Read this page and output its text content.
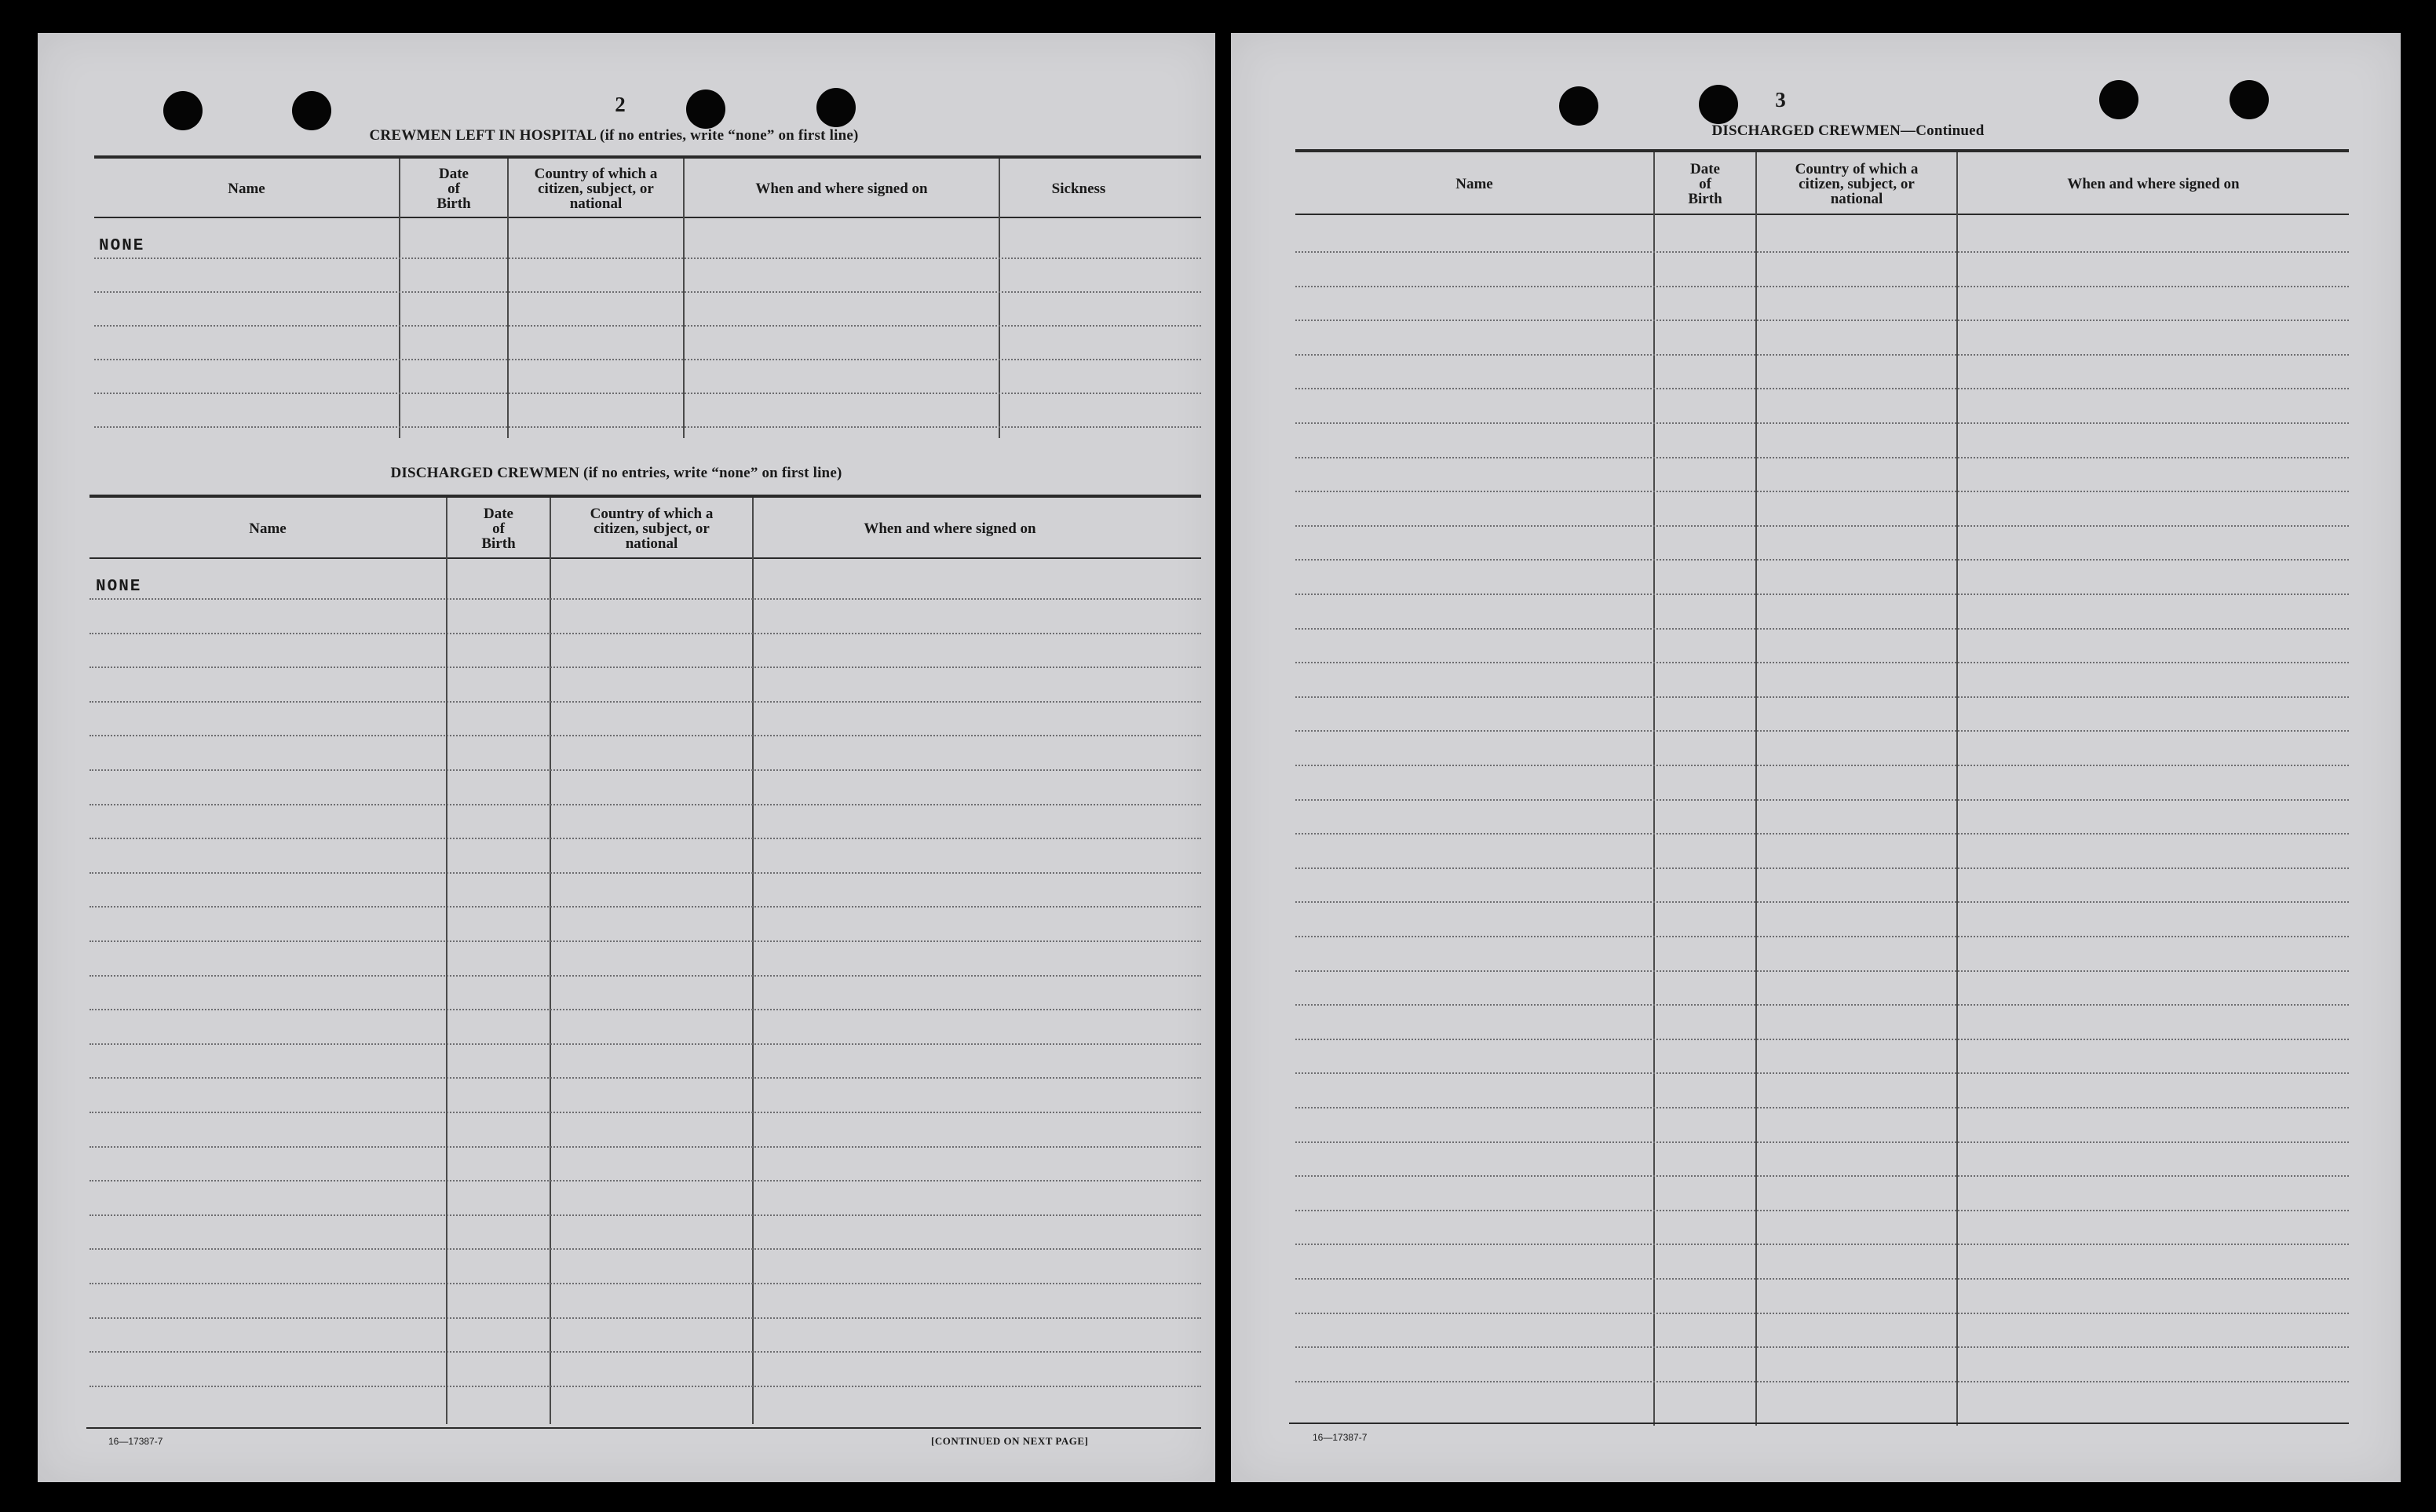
2
CREWMEN LEFT IN HOSPITAL (if no entries, write “none” on first line)
Name
Date
of
Birth
Country of which a
citizen, subject, or
national
When and where signed on	Sickness
NONE
DISCHARGED CREWMEN (if no entries, write “none” on first line)
Name
Date
of
Birth
Country of which a
citizen, subject, or
national
When and where signed on
NONE
16—17387-7	[CONTINUED ON NEXT PAGE]
3
DISCHARGED CREWMEN—Continued
Name
Date
of
Birth
Country of which a
citizen, subject, or
national
When and where signed on
16—17387-7
